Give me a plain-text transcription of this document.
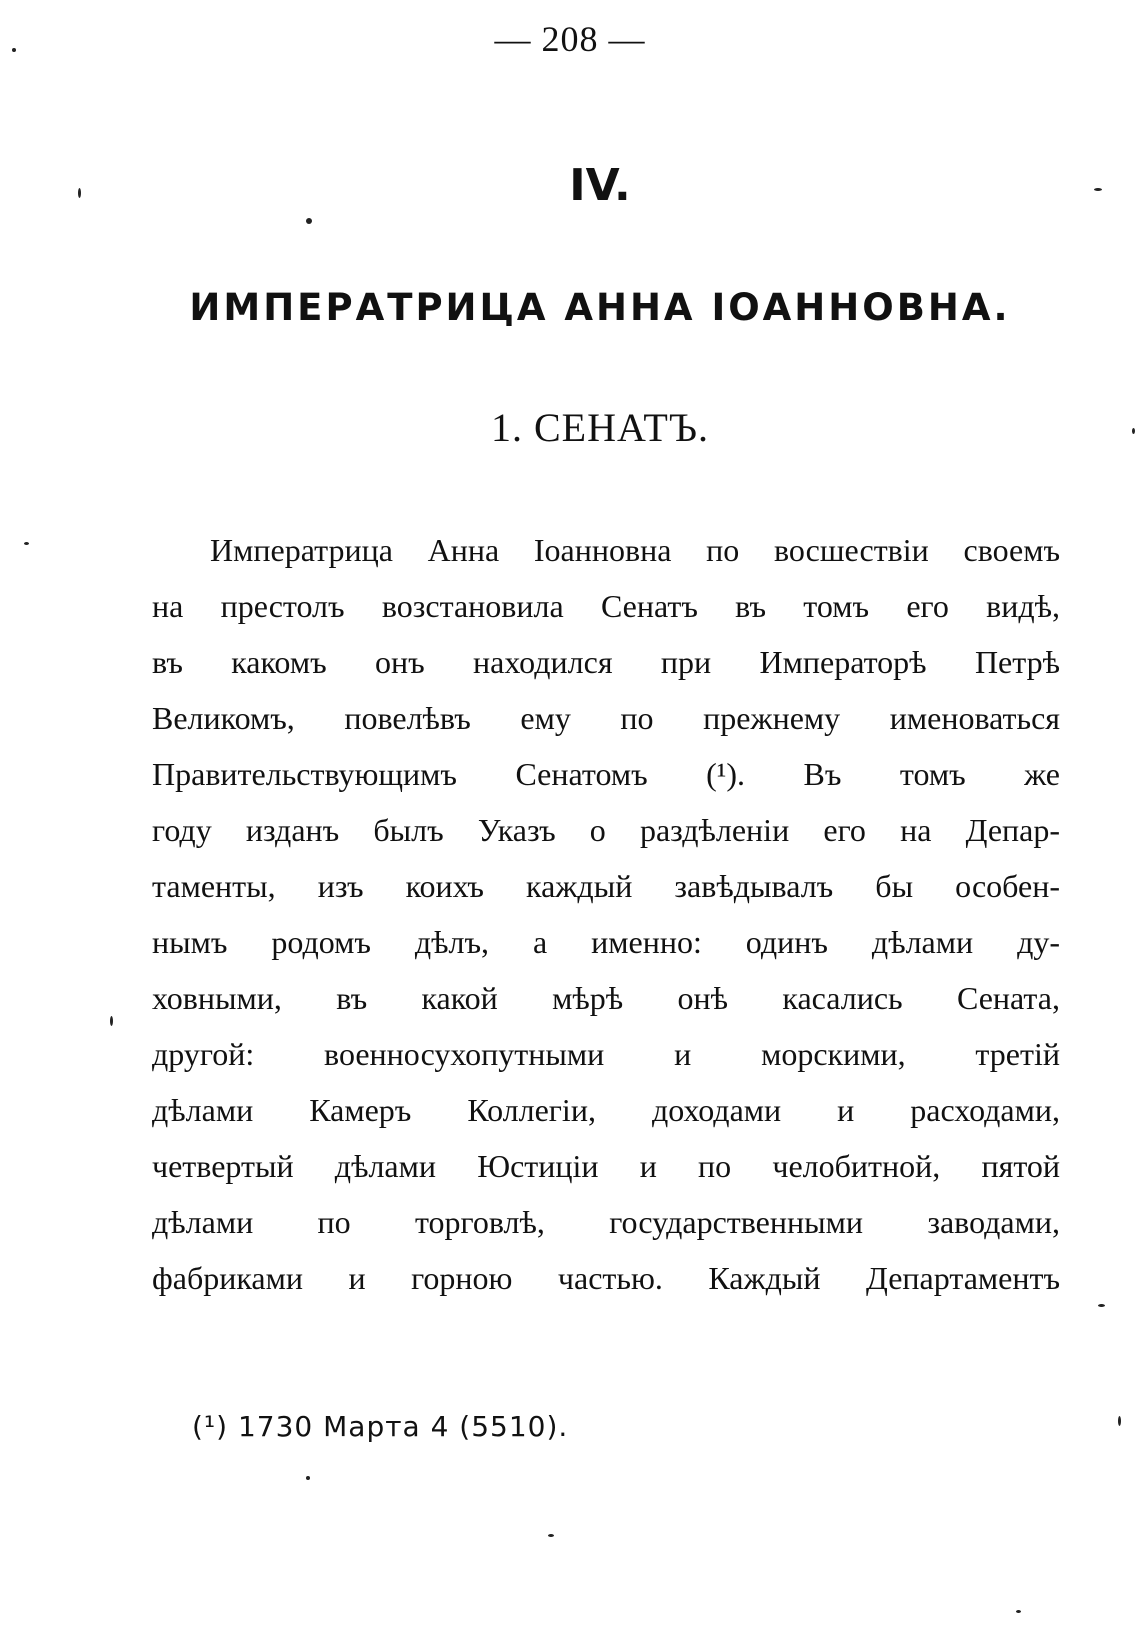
— 208 —
IV.
ИМПЕРАТРИЦА АННА ІОАННОВНА.
1. СЕНАТЪ.
Императрица Анна Іоанновна по восшествіи своемъ
на престолъ возстановила Сенатъ въ томъ его видѣ,
въ какомъ онъ находился при Императорѣ Петрѣ
Великомъ, повелѣвъ ему по прежнему именоваться
Правительствующимъ Сенатомъ (¹). Въ томъ же
году изданъ былъ Указъ о раздѣленіи его на Депар-
таменты, изъ коихъ каждый завѣдывалъ бы особен-
нымъ родомъ дѣлъ, а именно: одинъ дѣлами ду-
ховными, въ какой мѣрѣ онѣ касались Сената,
другой: военносухопутными и морскими, третій
дѣлами Камеръ Коллегіи, доходами и расходами,
четвертый дѣлами Юстиціи и по челобитной, пятой
дѣлами по торговлѣ, государственными заводами,
фабриками и горною частью. Каждый Департаментъ
(¹) 1730 Марта 4 (5510).
